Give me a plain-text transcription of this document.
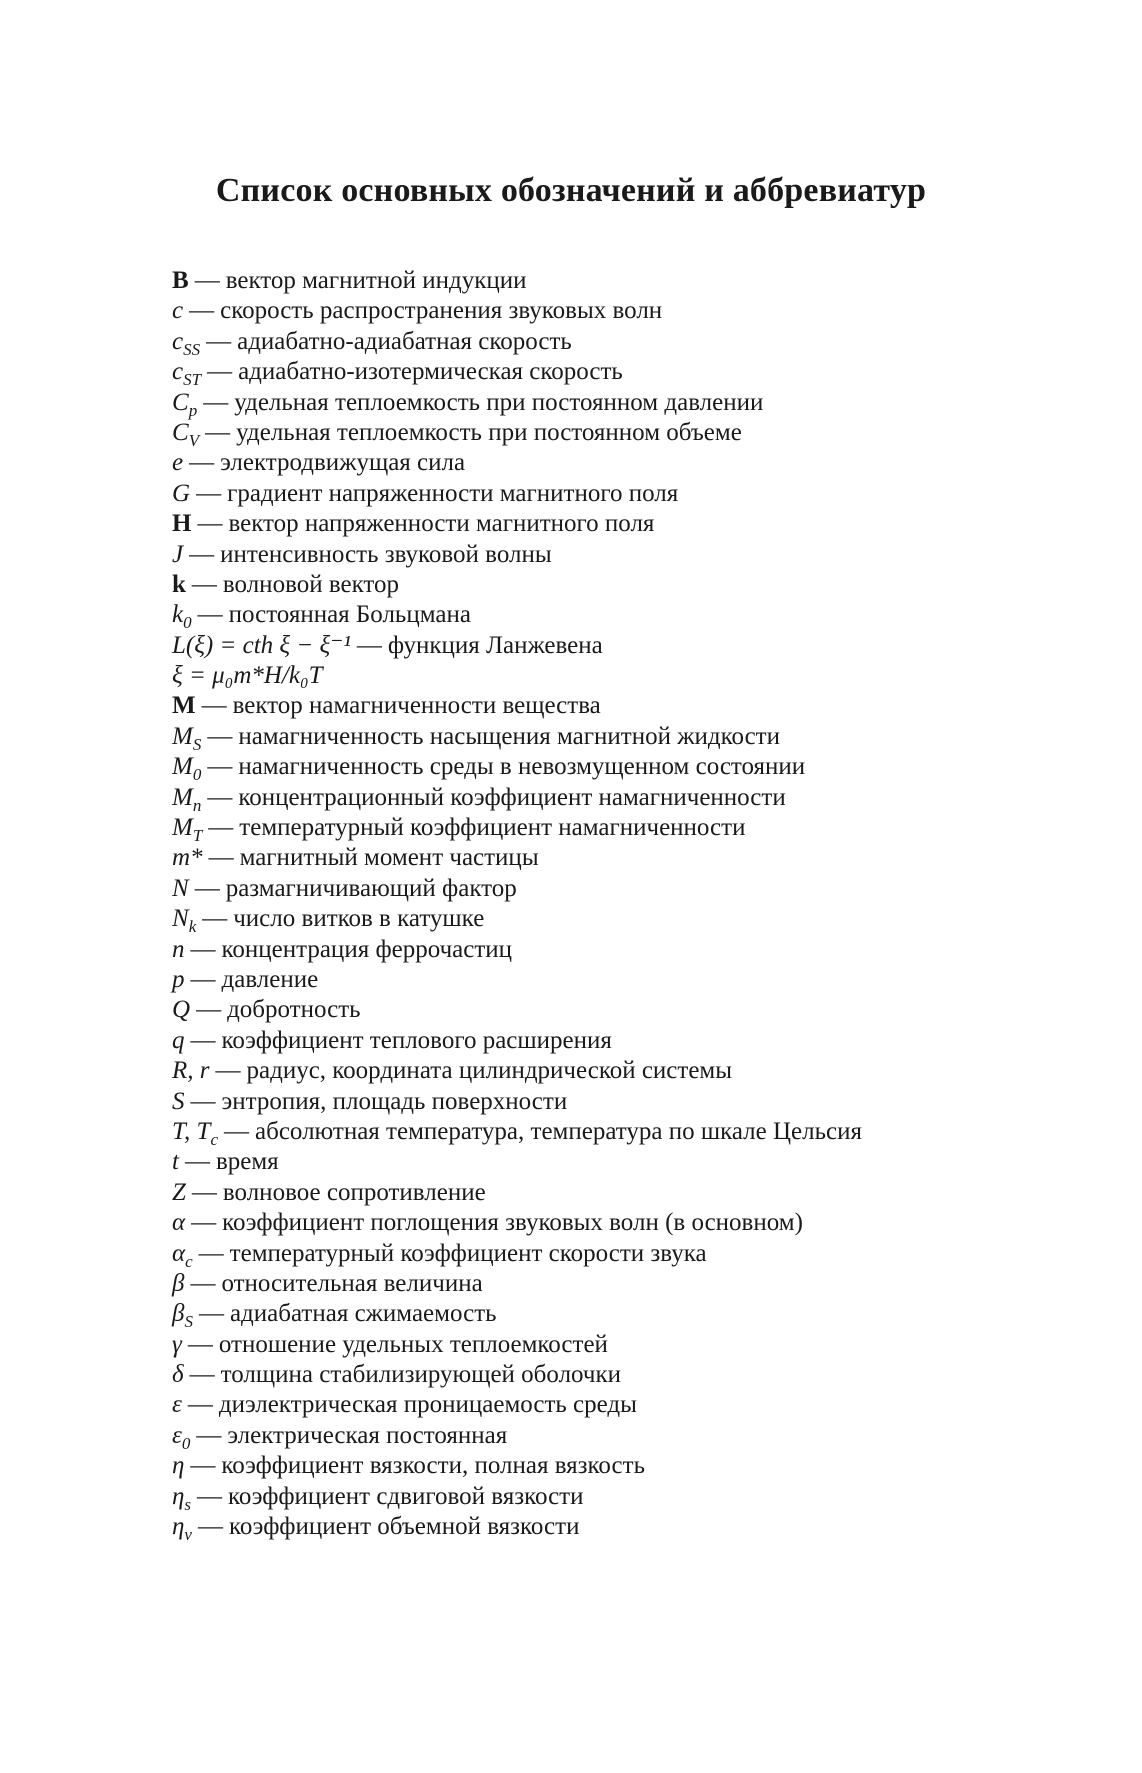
Список основных обозначений и аббревиатур
B — вектор магнитной индукции
c — скорость распространения звуковых волн
$c_{SS}$ — адиабатно-адиабатная скорость
$c_{ST}$ — адиабатно-изотермическая скорость
$C_p$ — удельная теплоемкость при постоянном давлении
$C_V$ — удельная теплоемкость при постоянном объеме
e — электродвижущая сила
G — градиент напряженности магнитного поля
H — вектор напряженности магнитного поля
J — интенсивность звуковой волны
k — волновой вектор
$k_0$ — постоянная Больцмана
L(ξ) = cth ξ − ξ⁻¹ — функция Ланжевена
ξ = μ₀m*H/k₀T
M — вектор намагниченности вещества
$M_S$ — намагниченность насыщения магнитной жидкости
$M_0$ — намагниченность среды в невозмущенном состоянии
$M_n$ — концентрационный коэффициент намагниченности
$M_T$ — температурный коэффициент намагниченности
m* — магнитный момент частицы
N — размагничивающий фактор
$N_k$ — число витков в катушке
n — концентрация феррочастиц
p — давление
Q — добротность
q — коэффициент теплового расширения
R, r — радиус, координата цилиндрической системы
S — энтропия, площадь поверхности
T, $T_c$ — абсолютная температура, температура по шкале Цельсия
t — время
Z — волновое сопротивление
α — коэффициент поглощения звуковых волн (в основном)
$\alpha_c$ — температурный коэффициент скорости звука
β — относительная величина
$\beta_S$ — адиабатная сжимаемость
γ — отношение удельных теплоемкостей
δ — толщина стабилизирующей оболочки
ε — диэлектрическая проницаемость среды
$\varepsilon_0$ — электрическая постоянная
η — коэффициент вязкости, полная вязкость
$\eta_s$ — коэффициент сдвиговой вязкости
$\eta_v$ — коэффициент объемной вязкости
